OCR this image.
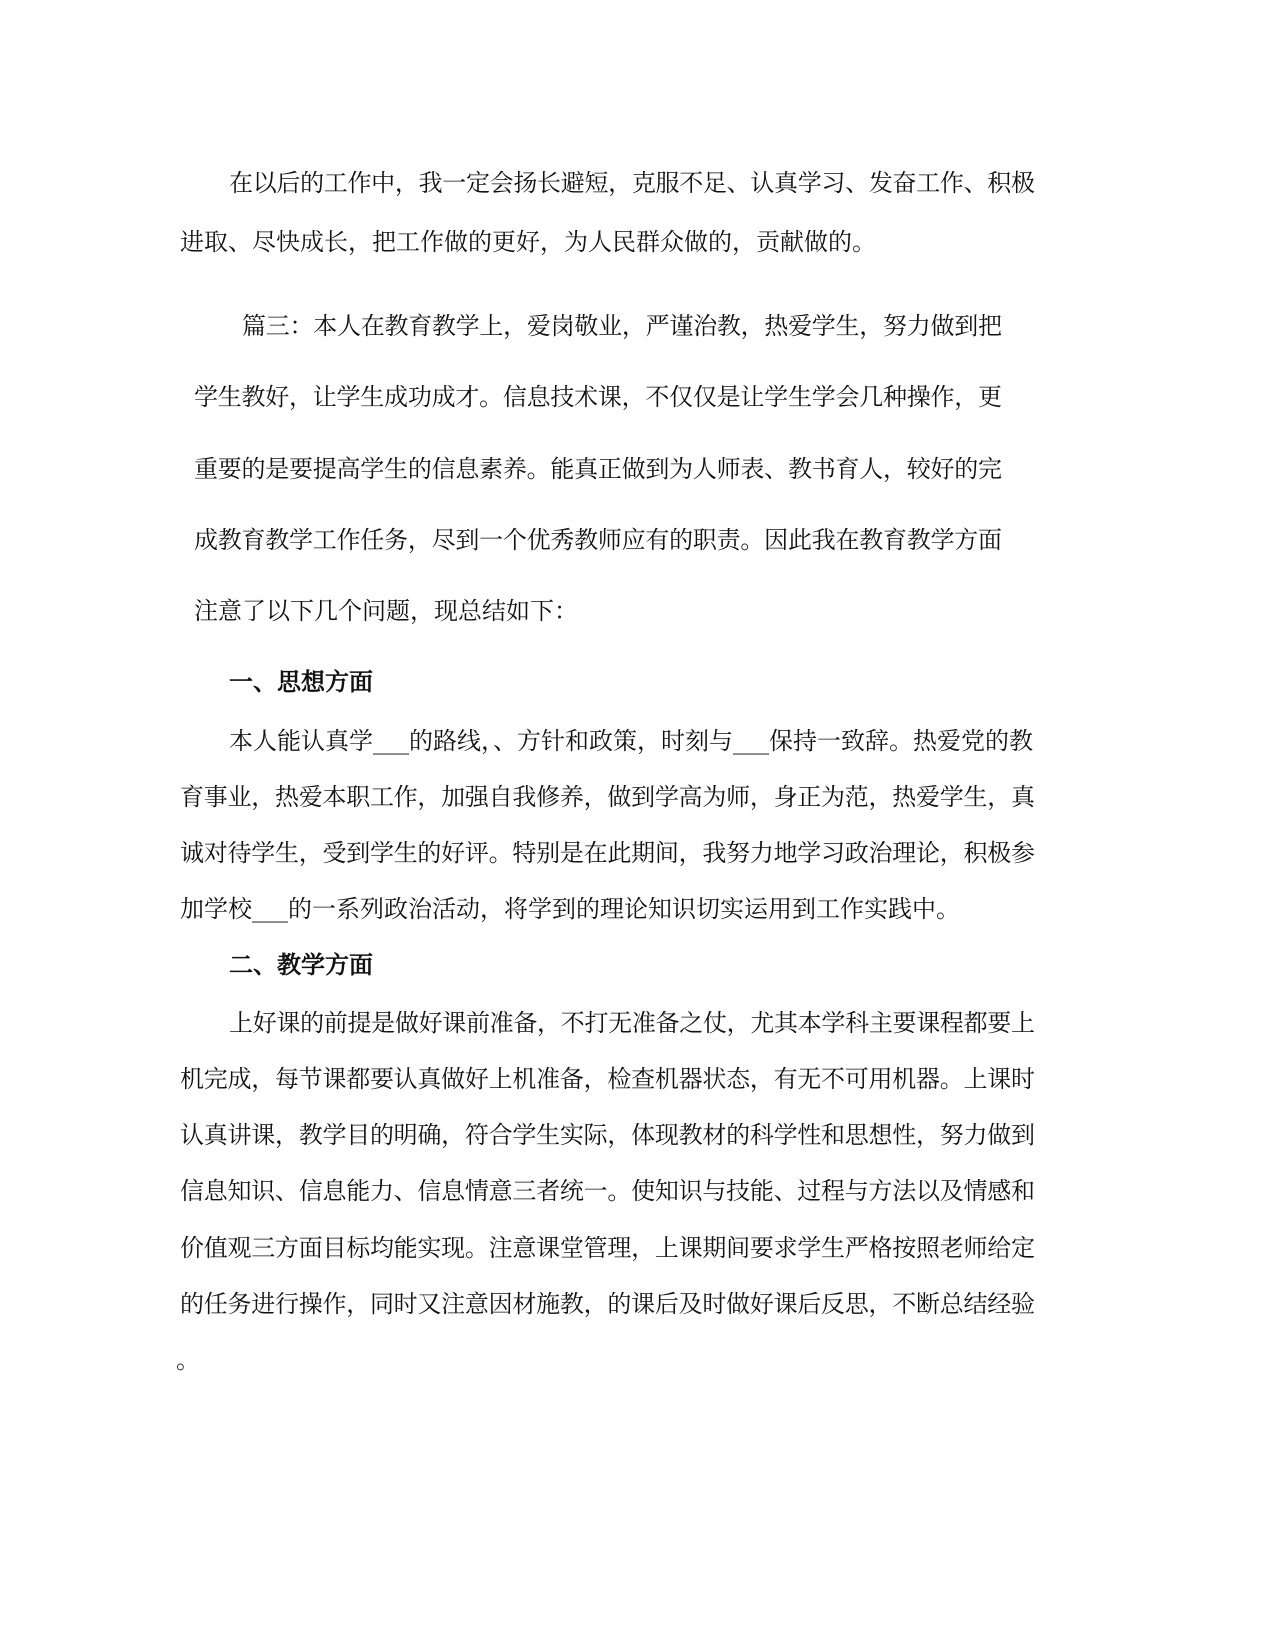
在以后的工作中，我一定会扬长避短，克服不足、认真学习、发奋工作、积极
进取、尽快成长，把工作做的更好，为人民群众做的，贡献做的。
篇三：本人在教育教学上，爱岗敬业，严谨治教，热爱学生，努力做到把
学生教好，让学生成功成才。信息技术课，不仅仅是让学生学会几种操作，更
重要的是要提高学生的信息素养。能真正做到为人师表、教书育人，较好的完
成教育教学工作任务，尽到一个优秀教师应有的职责。因此我在教育教学方面
注意了以下几个问题，现总结如下：
一、思想方面
本人能认真学___的路线，、方针和政策，时刻与___保持一致辞。热爱党的教
育事业，热爱本职工作，加强自我修养，做到学高为师，身正为范，热爱学生，真
诚对待学生，受到学生的好评。特别是在此期间，我努力地学习政治理论，积极参
加学校___的一系列政治活动，将学到的理论知识切实运用到工作实践中。
二、教学方面
上好课的前提是做好课前准备，不打无准备之仗，尤其本学科主要课程都要上
机完成，每节课都要认真做好上机准备，检查机器状态，有无不可用机器。上课时
认真讲课，教学目的明确，符合学生实际，体现教材的科学性和思想性，努力做到
信息知识、信息能力、信息情意三者统一。使知识与技能、过程与方法以及情感和
价值观三方面目标均能实现。注意课堂管理，上课期间要求学生严格按照老师给定
的任务进行操作，同时又注意因材施教，的课后及时做好课后反思，不断总结经验
。
